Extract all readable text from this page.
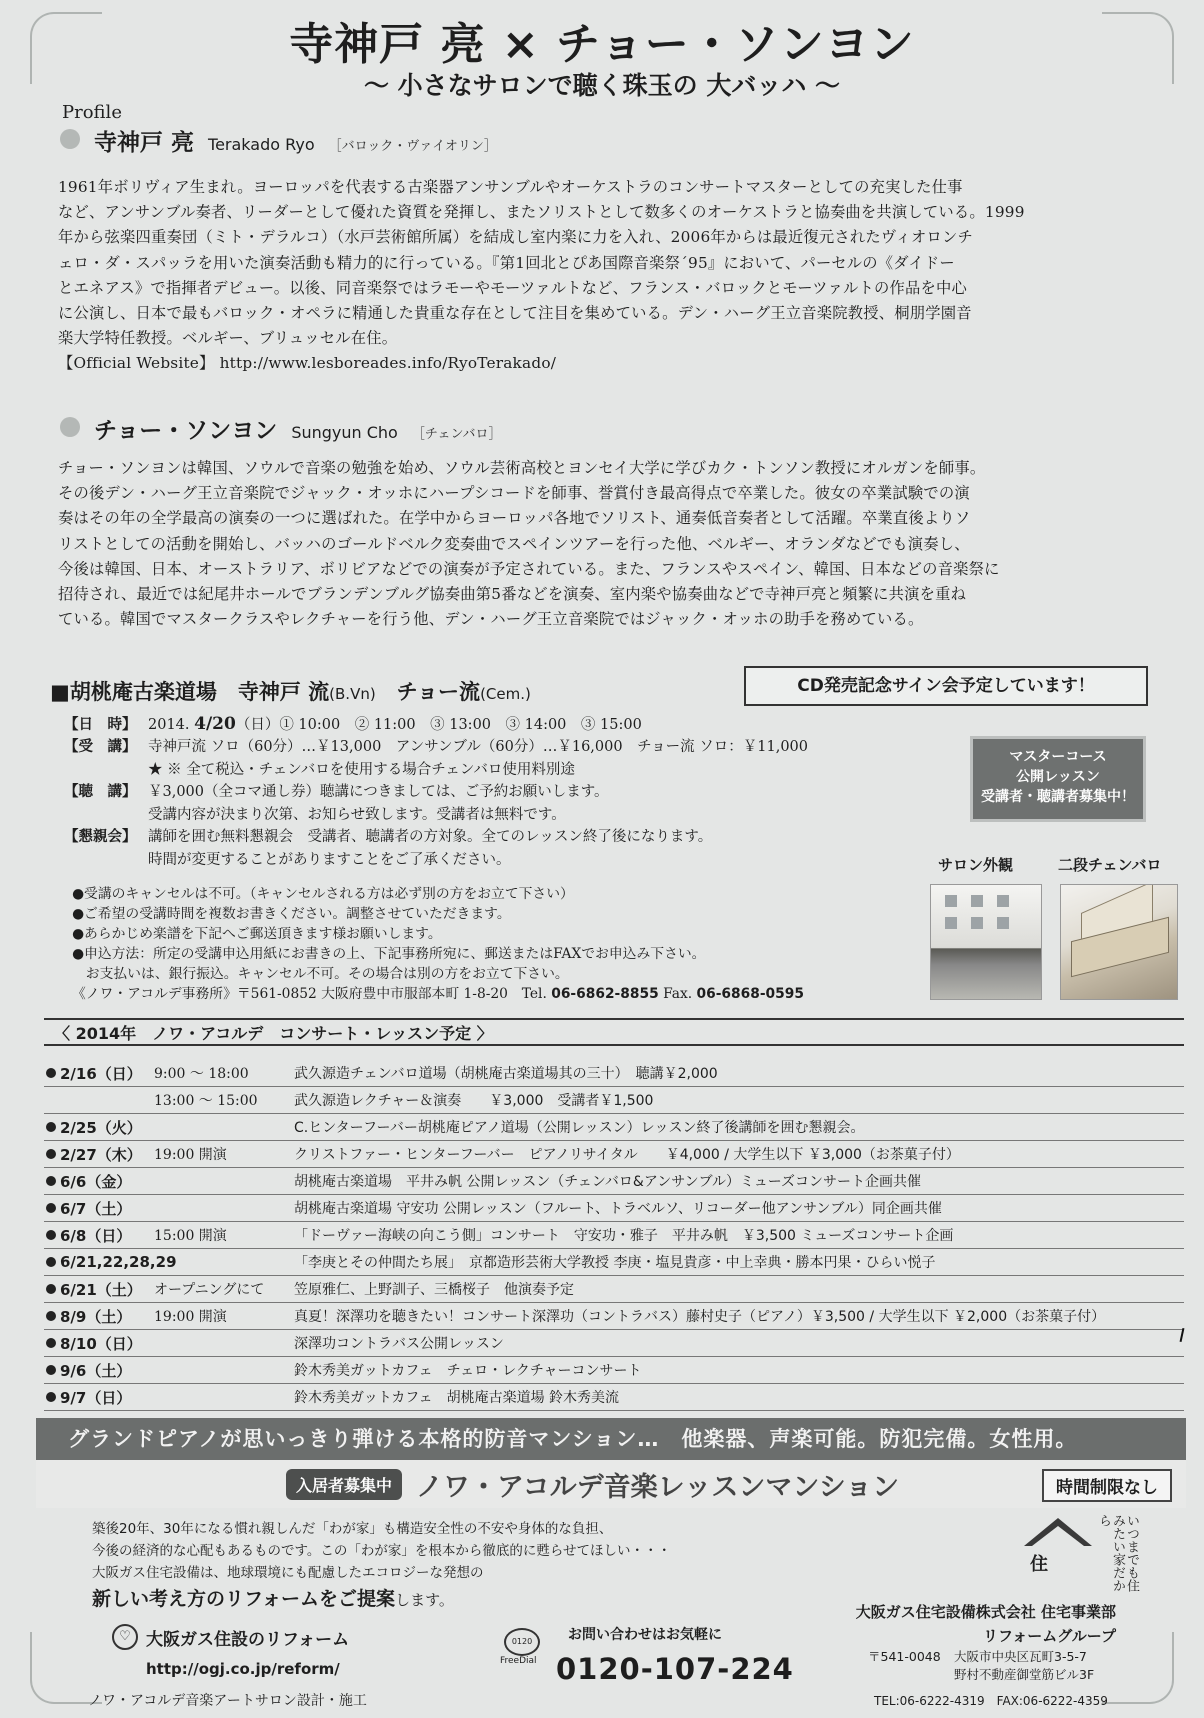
寺神戸 亮 × チョー・ソンヨン
〜 小さなサロンで聴く珠玉の 大バッハ 〜
Profile
寺神戸 亮 Terakado Ryo ［バロック・ヴァイオリン］

1961年ボリヴィア生まれ。ヨーロッパを代表する古楽器アンサンブルやオーケストラのコンサートマスターとしての充実した仕事

など、アンサンブル奏者、リーダーとして優れた資質を発揮し、またソリストとして数多くのオーケストラと協奏曲を共演している。1999

年から弦楽四重奏団（ミト・デラルコ）（水戸芸術館所属）を結成し室内楽に力を入れ、2006年からは最近復元されたヴィオロンチ

ェロ・ダ・スパッラを用いた演奏活動も精力的に行っている。『第1回北とぴあ国際音楽祭´95』において、パーセルの《ダイドー

とエネアス》で指揮者デビュー。以後、同音楽祭ではラモーやモーツァルトなど、フランス・バロックとモーツァルトの作品を中心

に公演し、日本で最もバロック・オペラに精通した貴重な存在として注目を集めている。デン・ハーグ王立音楽院教授、桐朋学園音

楽大学特任教授。ベルギー、ブリュッセル在住。

【Official Website】 http://www.lesboreades.info/RyoTerakado/

チョー・ソンヨン Sungyun Cho ［チェンバロ］

チョー・ソンヨンは韓国、ソウルで音楽の勉強を始め、ソウル芸術高校とヨンセイ大学に学びカク・トンソン教授にオルガンを師事。

その後デン・ハーグ王立音楽院でジャック・オッホにハープシコードを師事、誉賞付き最高得点で卒業した。彼女の卒業試験での演

奏はその年の全学最高の演奏の一つに選ばれた。在学中からヨーロッパ各地でソリスト、通奏低音奏者として活躍。卒業直後よりソ

リストとしての活動を開始し、バッハのゴールドベルク変奏曲でスペインツアーを行った他、ベルギー、オランダなどでも演奏し、

今後は韓国、日本、オーストラリア、ボリビアなどでの演奏が予定されている。また、フランスやスペイン、韓国、日本などの音楽祭に

招待され、最近では紀尾井ホールでブランデンブルグ協奏曲第5番などを演奏、室内楽や協奏曲などで寺神戸亮と頻繁に共演を重ね

ている。韓国でマスタークラスやレクチャーを行う他、デン・ハーグ王立音楽院ではジャック・オッホの助手を務めている。

■胡桃庵古楽道場　寺神戸 流(B.Vn)　チョー流(Cem.)	CD発売記念サイン会予定しています！
【日　時】 2014. 4/20（日）① 10:00　② 11:00　③ 13:00　③ 14:00　③ 15:00
【受　講】 寺神戸流 ソロ（60分）…￥13,000　アンサンブル（60分）…￥16,000　チョー流 ソロ：￥11,000
★ ※ 全て税込・チェンバロを使用する場合チェンバロ使用料別途
【聴　講】 ￥3,000（全コマ通し券）聴講につきましては、ご予約お願いします。
受講内容が決まり次第、お知らせ致します。受講者は無料です。
【懇親会】 講師を囲む無料懇親会　受講者、聴講者の方対象。全てのレッスン終了後になります。
時間が変更することがありますことをご了承ください。
マスターコース
公開レッスン
受講者・聴講者募集中！
サロン外観	二段チェンバロ
●受講のキャンセルは不可。（キャンセルされる方は必ず別の方をお立て下さい）
●ご希望の受講時間を複数お書きください。調整させていただきます。
●あらかじめ楽譜を下記へご郵送頂きます様お願いします。
●申込方法：所定の受講申込用紙にお書きの上、下記事務所宛に、郵送またはFAXでお申込み下さい。
　お支払いは、銀行振込。キャンセル不可。その場合は別の方をお立て下さい。
《ノワ・アコルデ事務所》〒561-0852 大阪府豊中市服部本町 1-8-20　Tel. 06-6862-8855 Fax. 06-6868-0595
〈 2014年　ノワ・アコルデ　コンサート・レッスン予定 〉
2/16（日） 9:00 〜 18:00	武久源造チェンバロ道場（胡桃庵古楽道場其の三十）　聴講￥2,000
13:00 〜 15:00	武久源造レクチャー＆演奏　　￥3,000　受講者￥1,500
2/25（火）	C.ヒンターフーバー胡桃庵ピアノ道場（公開レッスン）レッスン終了後講師を囲む懇親会。
2/27（木） 19:00 開演	クリストファー・ヒンターフーバー　ピアノリサイタル　　￥4,000 / 大学生以下 ￥3,000（お茶菓子付）
6/6（金）	胡桃庵古楽道場　平井み帆 公開レッスン（チェンバロ&アンサンブル）ミューズコンサート企画共催
6/7（土）	胡桃庵古楽道場 守安功 公開レッスン（フルート、トラベルソ、リコーダー他アンサンブル）同企画共催
6/8（日）	15:00 開演	「ドーヴァー海峡の向こう側」コンサート　守安功・雅子　平井み帆　￥3,500 ミューズコンサート企画
6/21,22,28,29	「李庚とその仲間たち展」　京都造形芸術大学教授 李庚・塩見貴彦・中上幸典・勝本円果・ひらい悦子
6/21（土） オープニングにて	笠原雅仁、上野訓子、三橋桜子　他演奏予定
8/9（土）	19:00 開演	真夏！深澤功を聴きたい！コンサート深澤功（コントラバス）藤村史子（ピアノ）￥3,500 / 大学生以下 ￥2,000（お茶菓子付）
8/10（日）	深澤功コントラバス公開レッスン
9/6（土）	鈴木秀美ガットカフェ　チェロ・レクチャーコンサート
9/7（日）	鈴木秀美ガットカフェ　胡桃庵古楽道場 鈴木秀美流
グランドピアノが思いっきり弾ける本格的防音マンション…　他楽器、声楽可能。防犯完備。女性用。
入居者募集中 ノワ・アコルデ音楽レッスンマンション	時間制限なし
築後20年、30年になる慣れ親しんだ「わが家」も構造安全性の不安や身体的な負担、
今後の経済的な心配もあるものです。この「わが家」を根本から徹底的に甦らせてほしい・・・
大阪ガス住宅設備は、地球環境にも配慮したエコロジーな発想の
新しい考え方のリフォームをご提案します。
♡ 大阪ガス住設のリフォーム
http://ogj.co.jp/reform/
ノワ・アコルデ音楽アートサロン設計・施工
0120
FreeDial
お問い合わせはお気軽に
0120-107-224
大阪ガス住宅設備株式会社 住宅事業部
リフォームグループ
〒541-0048 大阪市中央区瓦町3-5-7
野村不動産御堂筋ビル3F
TEL:06-6222-4319　FAX:06-6222-4359
住	いつまでも住みたい家だから
